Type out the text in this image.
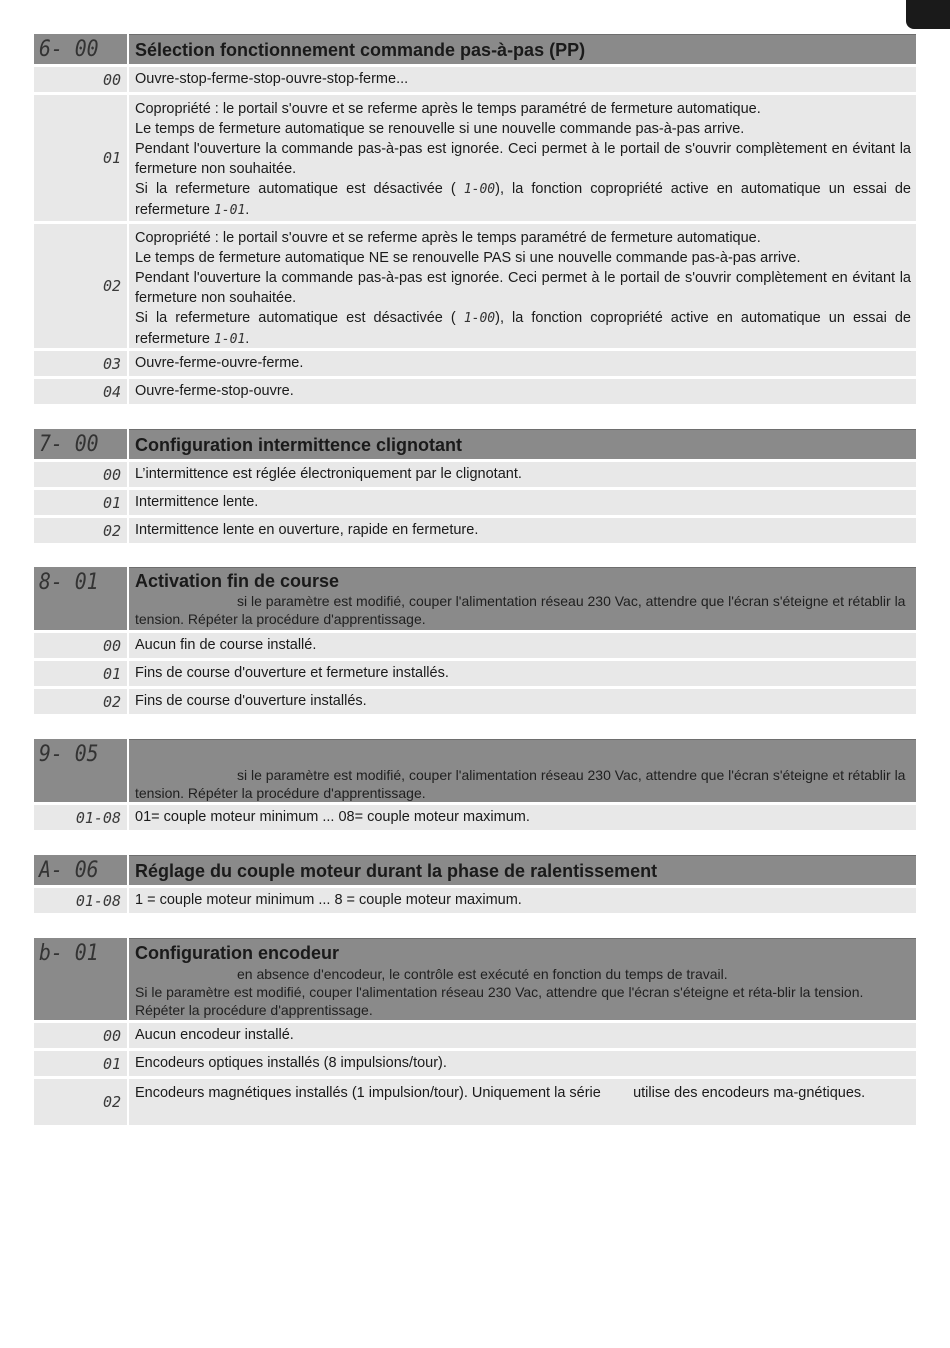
6- 00 Sélection fonctionnement commande pas-à-pas (PP)
00 Ouvre-stop-ferme-stop-ouvre-stop-ferme...
01

Copropriété : le portail s'ouvre et se referme après le temps paramétré de fermeture automatique.

Le temps de fermeture automatique se renouvelle si une nouvelle commande pas-à-pas arrive.

Pendant l'ouverture la commande pas-à-pas est ignorée. Ceci permet à le portail de s'ouvrir complètement en évitant la fermeture non souhaitée.

Si la refermeture automatique est désactivée ( 1-00), la fonction copropriété active en automatique un essai de refermeture 1-01.

02

Copropriété : le portail s'ouvre et se referme après le temps paramétré de fermeture automatique.

Le temps de fermeture automatique NE se renouvelle PAS si une nouvelle commande pas-à-pas arrive.

Pendant l'ouverture la commande pas-à-pas est ignorée. Ceci permet à le portail de s'ouvrir complètement en évitant la fermeture non souhaitée.

Si la refermeture automatique est désactivée ( 1-00), la fonction copropriété active en automatique un essai de refermeture 1-01.

03 Ouvre-ferme-ouvre-ferme.
04 Ouvre-ferme-stop-ouvre.
7- 00 Configuration intermittence clignotant
00 L’intermittence est réglée électroniquement par le clignotant.
01 Intermittence lente.
02 Intermittence lente en ouverture, rapide en fermeture.
8- 01 Activation fin de course
si le paramètre est modifié, couper l'alimentation réseau 230 Vac, attendre que l'écran s'éteigne et rétablir la tension. Répéter la procédure d'apprentissage.
00 Aucun fin de course installé.
01 Fins de course d'ouverture et fermeture installés.
02 Fins de course d'ouverture installés.
9- 05
si le paramètre est modifié, couper l'alimentation réseau 230 Vac, attendre que l'écran s'éteigne et rétablir la tension. Répéter la procédure d'apprentissage.
01-08 01= couple moteur minimum ... 08= couple moteur maximum.
A- 06 Réglage du couple moteur durant la phase de ralentissement
01-08 1 = couple moteur minimum ... 8 = couple moteur maximum.
b- 01 Configuration encodeur
en absence d'encodeur, le contrôle est exécuté en fonction du temps de travail.
Si le paramètre est modifié, couper l'alimentation réseau 230 Vac, attendre que l'écran s'éteigne et réta-blir la tension. Répéter la procédure d'apprentissage.
00 Aucun encodeur installé.
01 Encodeurs optiques installés (8 impulsions/tour).
02 Encodeurs magnétiques installés (1 impulsion/tour). Uniquement la série        utilise des encodeurs ma-gnétiques.
